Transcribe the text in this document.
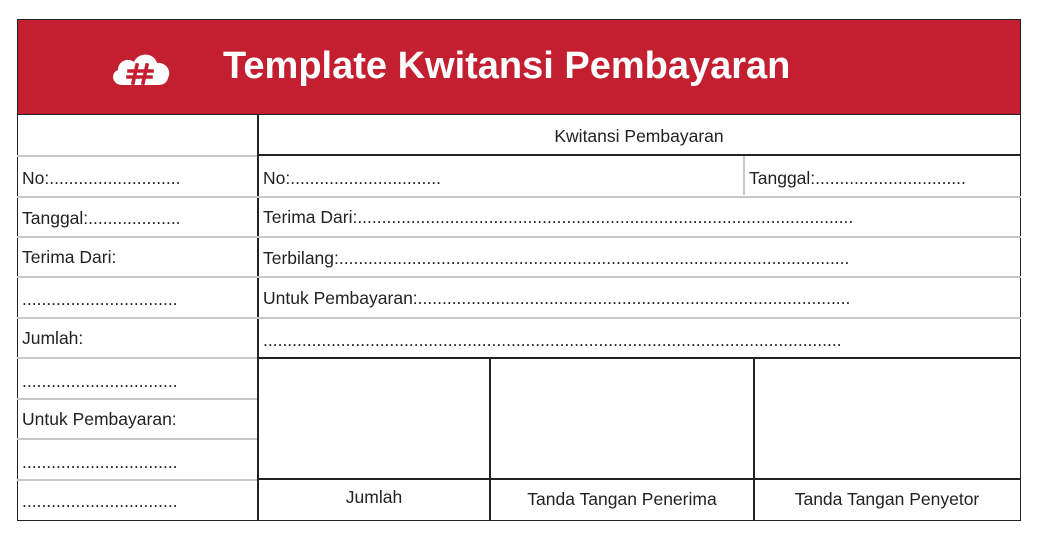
Template Kwitansi Pembayaran
No:...........................
Tanggal:...................
Terima Dari:
................................
Jumlah:
................................
Untuk Pembayaran:
................................
................................
Kwitansi Pembayaran
No:...............................	Tanggal:...............................
Terima Dari:......................................................................................................
Terbilang:.........................................................................................................
Untuk Pembayaran:.........................................................................................
.......................................................................................................................
Jumlah	Tanda Tangan Penerima	Tanda Tangan Penyetor
